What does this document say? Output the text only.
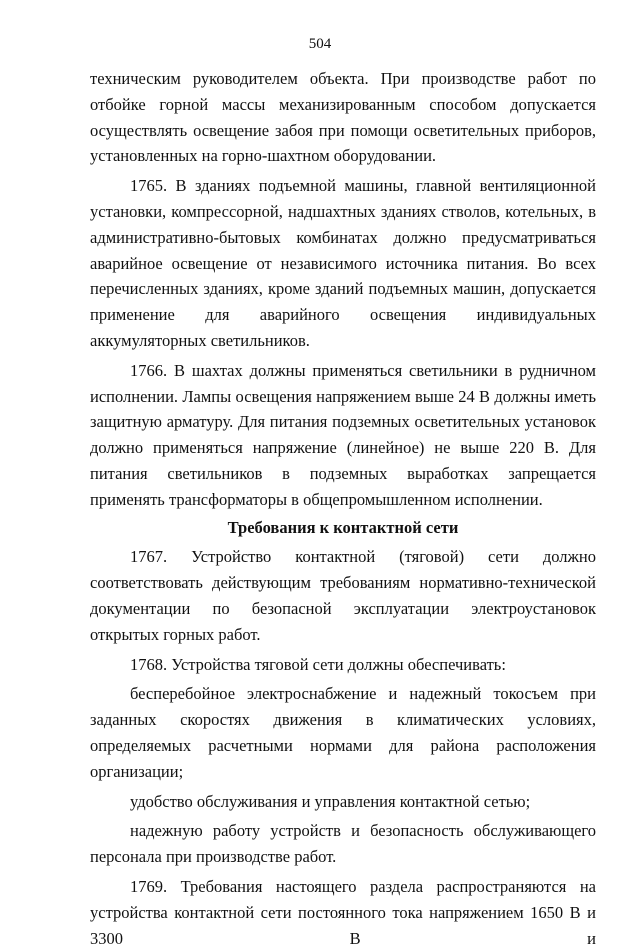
504

техническим руководителем объекта. При производстве работ по отбойке горной массы механизированным способом допускается осуществлять освещение забоя при помощи осветительных приборов, установленных на горно-шахтном оборудовании.

1765. В зданиях подъемной машины, главной вентиляционной установки, компрессорной, надшахтных зданиях стволов, котельных, в административно-бытовых комбинатах должно предусматриваться аварийное освещение от независимого источника питания. Во всех перечисленных зданиях, кроме зданий подъемных машин, допускается применение для аварийного освещения индивидуальных аккумуляторных светильников.

1766. В шахтах должны применяться светильники в рудничном исполнении. Лампы освещения напряжением выше 24 В должны иметь защитную арматуру. Для питания подземных осветительных установок должно применяться напряжение (линейное) не выше 220 В. Для питания светильников в подземных выработках запрещается применять трансформаторы в общепромышленном исполнении.

Требования к контактной сети

1767. Устройство контактной (тяговой) сети должно соответствовать действующим требованиям нормативно-технической документации по безопасной эксплуатации электроустановок открытых горных работ.

1768. Устройства тяговой сети должны обеспечивать:

бесперебойное электроснабжение и надежный токосъем при заданных скоростях движения в климатических условиях, определяемых расчетными нормами для района расположения организации;

удобство обслуживания и управления контактной сетью;

надежную работу устройств и безопасность обслуживающего персонала при производстве работ.

1769. Требования настоящего раздела распространяются на устройства контактной сети постоянного тока напряжением 1650 В и 3300 В и
